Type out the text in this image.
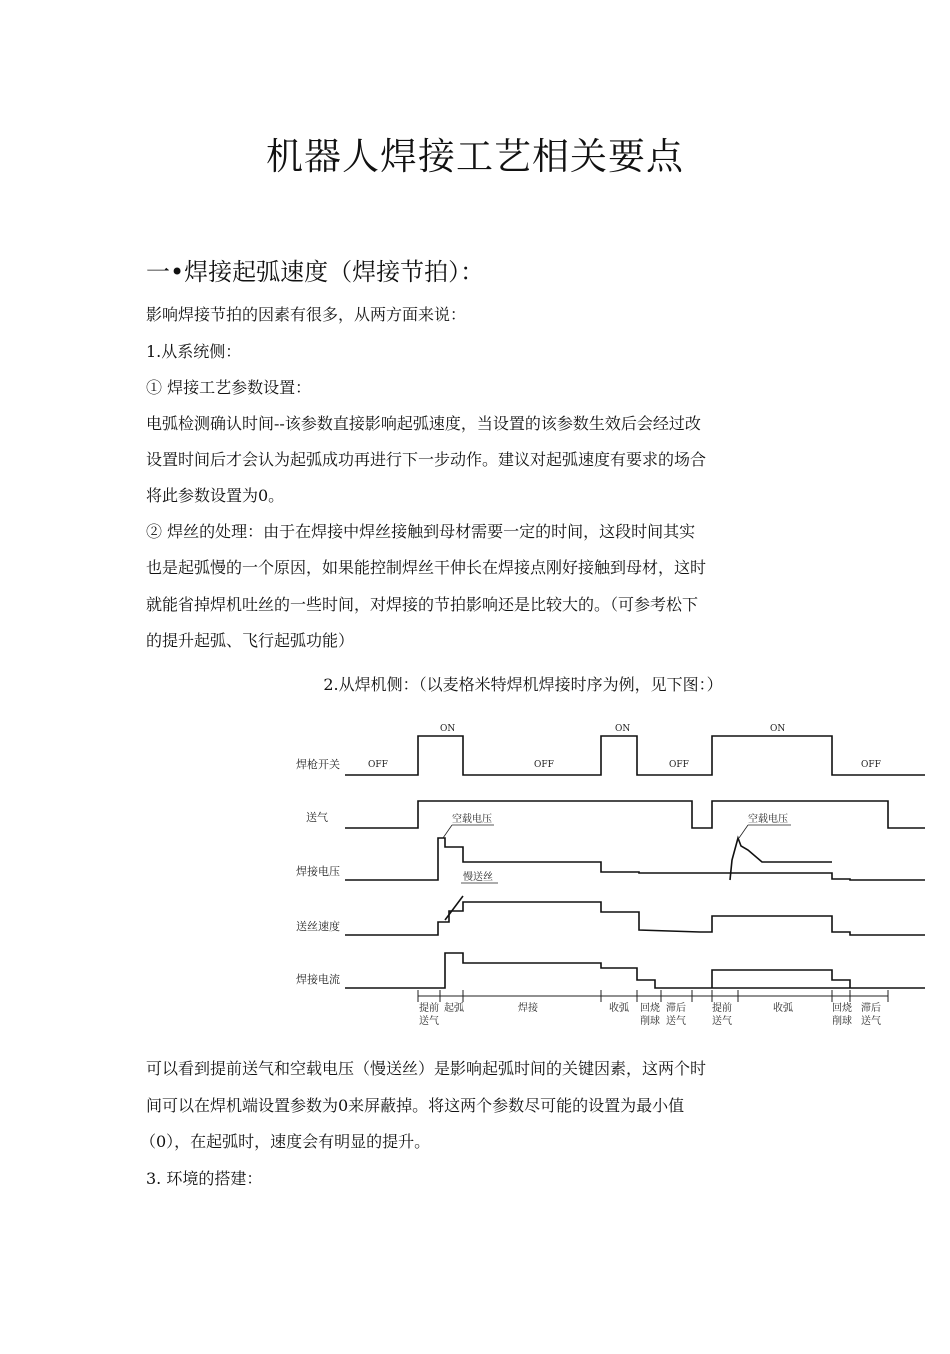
机器人焊接工艺相关要点
一•焊接起弧速度（焊接节拍）：
影响焊接节拍的因素有很多，从两方面来说：
1.从系统侧：
① 焊接工艺参数设置：
电弧检测确认时间--该参数直接影响起弧速度，当设置的该参数生效后会经过改
设置时间后才会认为起弧成功再进行下一步动作。建议对起弧速度有要求的场合
将此参数设置为0。
② 焊丝的处理：由于在焊接中焊丝接触到母材需要一定的时间，这段时间其实
也是起弧慢的一个原因，如果能控制焊丝干伸长在焊接点刚好接触到母材，这时
就能省掉焊机吐丝的一些时间，对焊接的节拍影响还是比较大的。（可参考松下
的提升起弧、飞行起弧功能）
2.从焊机侧：（以麦格米特焊机焊接时序为例，见下图：）
焊枪开关
送气
焊接电压
送丝速度
焊接电流
ON	ON	ON
OFF	OFF	OFF	OFF
空载电压
慢送丝
空载电压
提前
送气
起弧	焊接	收弧 回烧
削球
滞后
送气
提前
送气
收弧	回烧
削球
滞后
送气
可以看到提前送气和空载电压（慢送丝）是影响起弧时间的关键因素，这两个时
间可以在焊机端设置参数为0来屏蔽掉。将这两个参数尽可能的设置为最小值
（0），在起弧时，速度会有明显的提升。
3. 环境的搭建：
